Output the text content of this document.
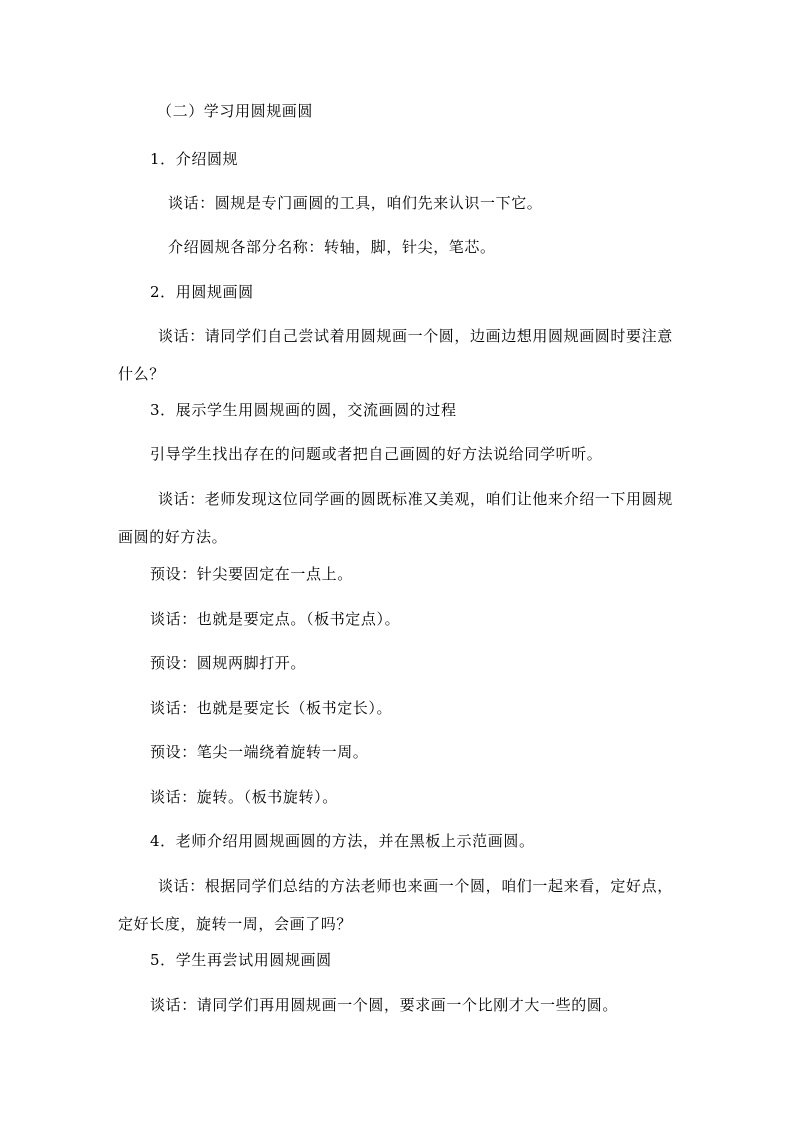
（二）学习用圆规画圆
1．介绍圆规
谈话：圆规是专门画圆的工具，咱们先来认识一下它。
介绍圆规各部分名称：转轴，脚，针尖，笔芯。
2．用圆规画圆
谈话：请同学们自己尝试着用圆规画一个圆，边画边想用圆规画圆时要注意什么？
3．展示学生用圆规画的圆，交流画圆的过程
引导学生找出存在的问题或者把自己画圆的好方法说给同学听听。
谈话：老师发现这位同学画的圆既标准又美观，咱们让他来介绍一下用圆规画圆的好方法。
预设：针尖要固定在一点上。
谈话：也就是要定点。（板书定点）。
预设：圆规两脚打开。
谈话：也就是要定长（板书定长）。
预设：笔尖一端绕着旋转一周。
谈话：旋转。（板书旋转）。
4．老师介绍用圆规画圆的方法，并在黑板上示范画圆。
谈话：根据同学们总结的方法老师也来画一个圆，咱们一起来看，定好点，定好长度，旋转一周，会画了吗？
5．学生再尝试用圆规画圆
谈话：请同学们再用圆规画一个圆，要求画一个比刚才大一些的圆。
